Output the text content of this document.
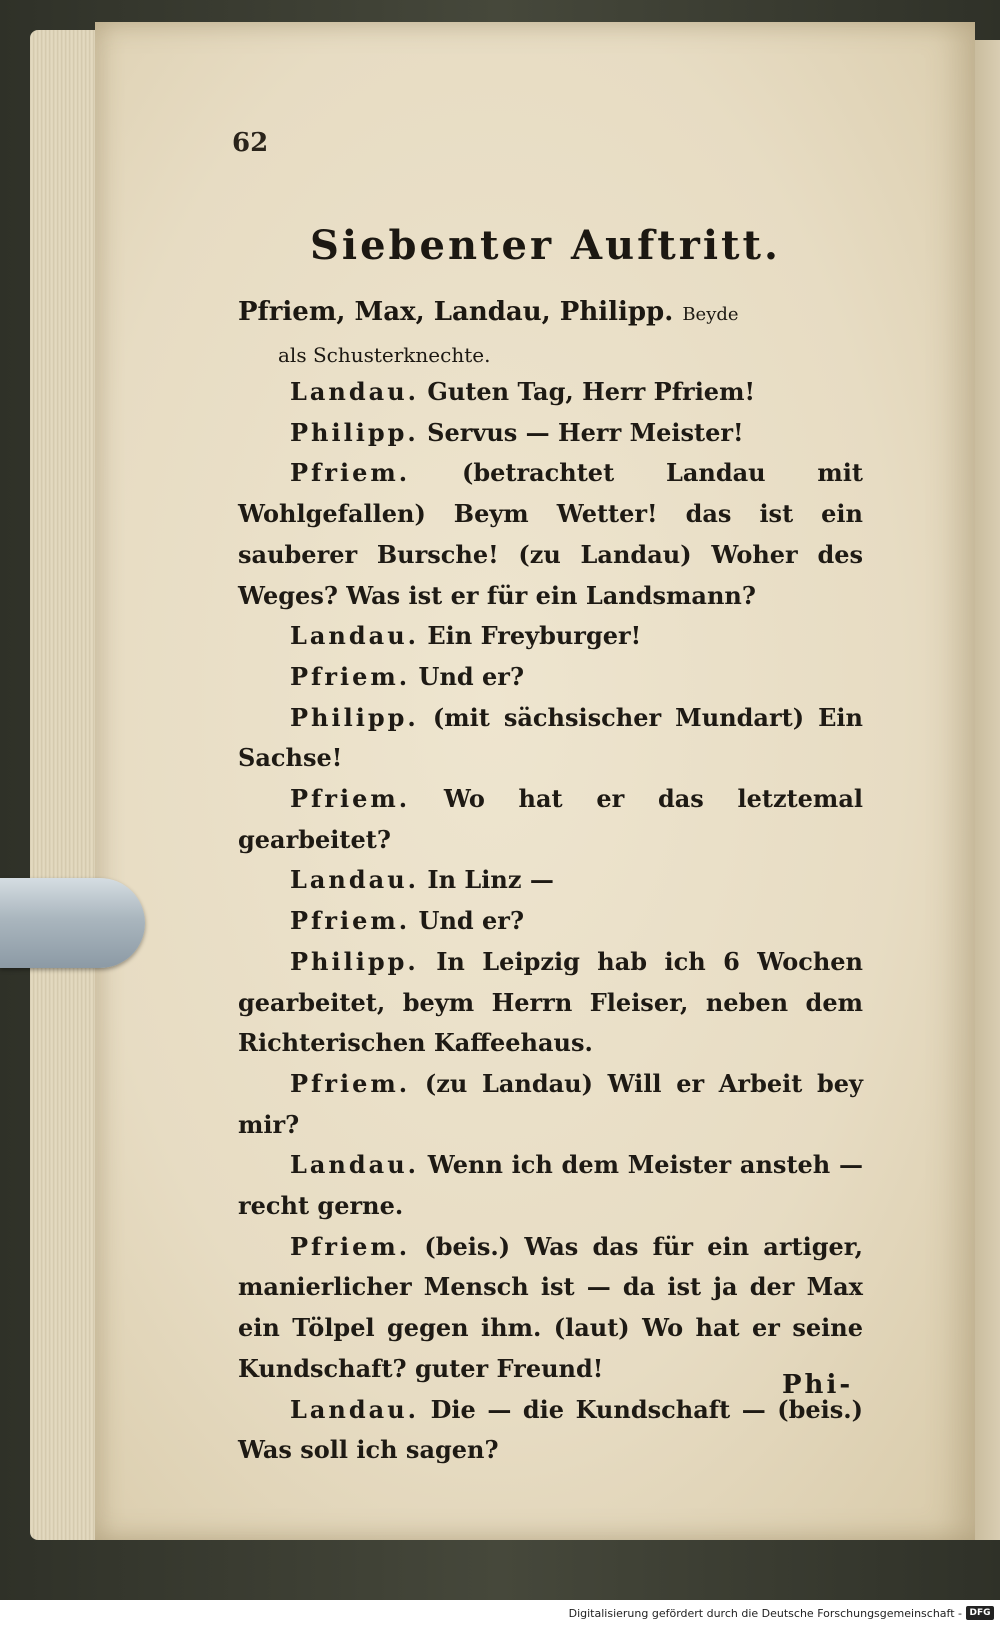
62
Siebenter Auftritt.
Pfriem, Max, Landau, Philipp. Beyde
als Schusterknechte.

Landau. Guten Tag, Herr Pfriem!

Philipp. Servus — Herr Meister!

Pfriem. (betrachtet Landau mit Wohlgefallen) Beym Wetter! das ist ein sauberer Bursche! (zu Landau) Woher des Weges? Was ist er für ein Landsmann?

Landau. Ein Freyburger!

Pfriem. Und er?

Philipp. (mit sächsischer Mundart) Ein Sachse!

Pfriem. Wo hat er das letztemal gearbeitet?

Landau. In Linz —

Pfriem. Und er?

Philipp. In Leipzig hab ich 6 Wochen gearbeitet, beym Herrn Fleiser, neben dem Richterischen Kaffeehaus.

Pfriem. (zu Landau) Will er Arbeit bey mir?

Landau. Wenn ich dem Meister ansteh — recht gerne.

Pfriem. (beis.) Was das für ein artiger, manierlicher Mensch ist — da ist ja der Max ein Tölpel gegen ihm. (laut) Wo hat er seine Kundschaft? guter Freund!

Landau. Die — die Kundschaft — (beis.) Was soll ich sagen?

Phi-
Digitalisierung gefördert durch die Deutsche Forschungsgemeinschaft - DFG
